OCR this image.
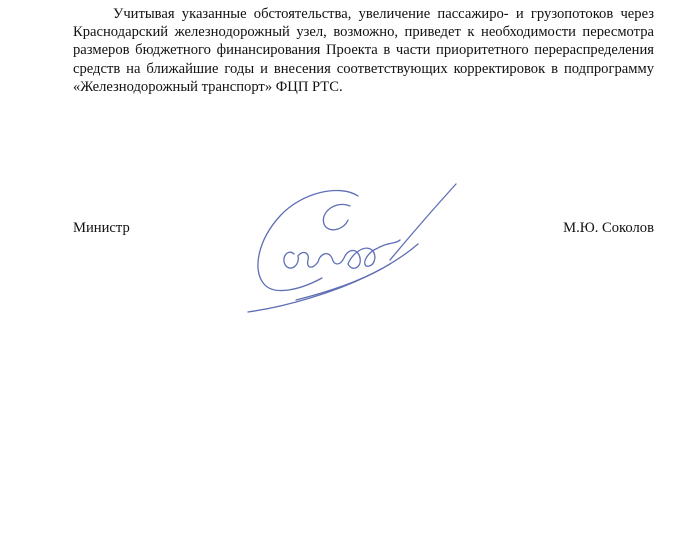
Учитывая указанные обстоятельства, увеличение пассажиро- и грузопотоков через Краснодарский железнодорожный узел, возможно, приведет к необходимости пересмотра размеров бюджетного финансирования Проекта в части приоритетного перераспределения средств на ближайшие годы и внесения соответствующих корректировок в подпрограмму «Железнодорожный транспорт» ФЦП РТС.

Министр	М.Ю. Соколов
